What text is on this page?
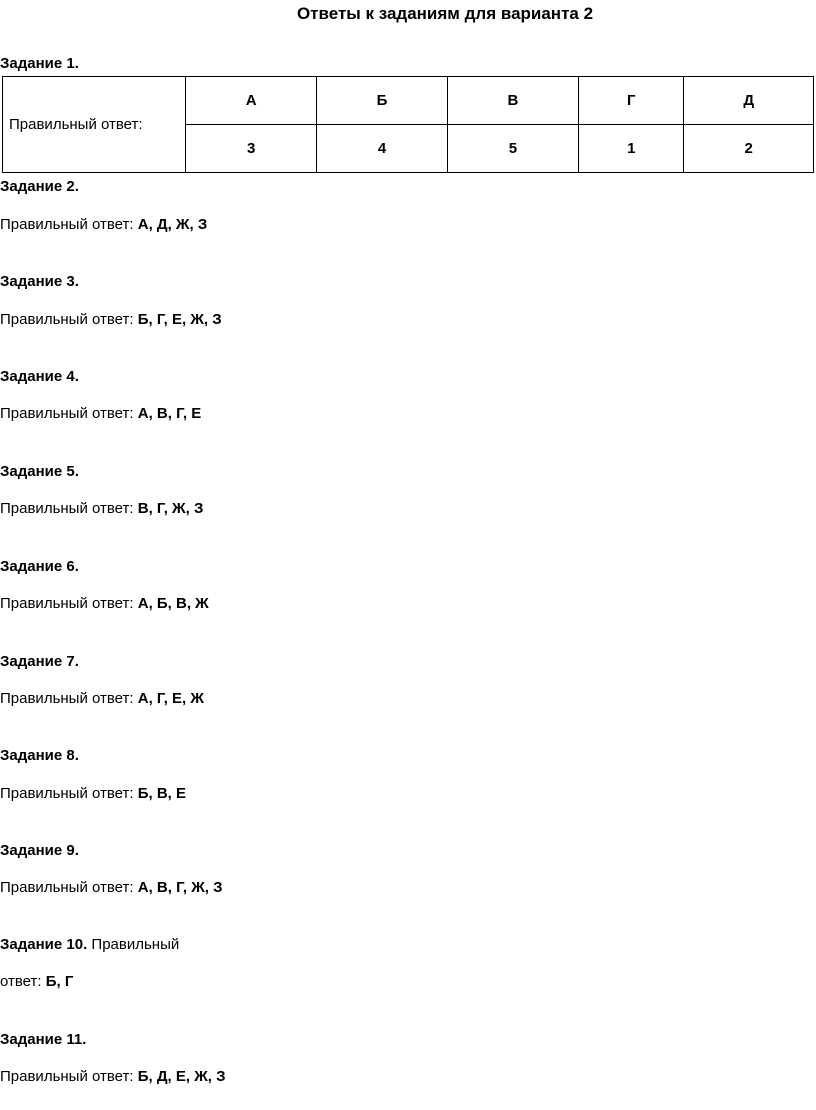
Ответы к заданиям для варианта 2
Задание 1.
Правильный ответ:	А	Б	В	Г	Д
	3	4	5	1	2
Задание 2.
Правильный ответ: А, Д, Ж, З
Задание 3.
Правильный ответ: Б, Г, Е, Ж, З
Задание 4.
Правильный ответ: А, В, Г, Е
Задание 5.
Правильный ответ: В, Г, Ж, З
Задание 6.
Правильный ответ: А, Б, В, Ж
Задание 7.
Правильный ответ: А, Г, Е, Ж
Задание 8.
Правильный ответ: Б, В, Е
Задание 9.
Правильный ответ: А, В, Г, Ж, З
Задание 10. Правильный
ответ: Б, Г
Задание 11.
Правильный ответ: Б, Д, Е, Ж, З
